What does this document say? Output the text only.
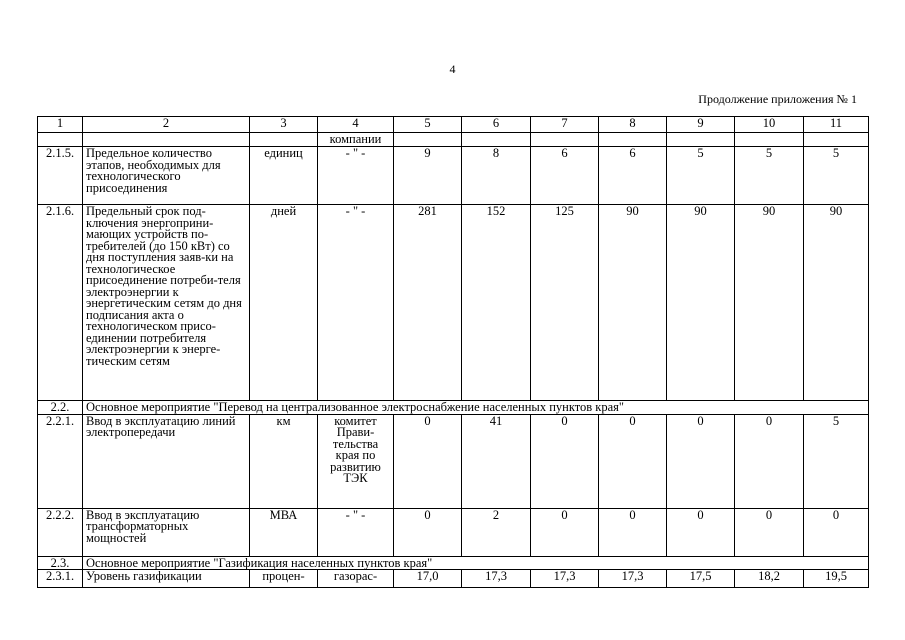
4
Продолжение приложения № 1
1	2	3	4	5	6	7	8	9	10	11
			компании							
2.1.5.	Предельное количество этапов, необходимых для технологического присоединения	единиц	- " -	9	8	6	6	5	5	5
2.1.6.	Предельный срок под-ключения энергоприни-мающих устройств по-требителей (до 150 кВт) со дня поступления заяв-ки на технологическое присоединение потреби-теля электроэнергии к энергетическим сетям до дня подписания акта о технологическом присо-единении потребителя электроэнергии к энерге-тическим сетям	дней	- " -	281	152	125	90	90	90	90
2.2.	Основное мероприятие "Перевод на централизованное электроснабжение населенных пунктов края"									
2.2.1.	Ввод в эксплуатацию линий электропередачи	км	комитет Прави-тельства края по развитию ТЭК	0	41	0	0	0	0	5
2.2.2.	Ввод в эксплуатацию трансформаторных мощностей	МВА	- " -	0	2	0	0	0	0	0
2.3.	Основное мероприятие "Газификация населенных пунктов края"									
2.3.1.	Уровень газификации	процен-	газорас-	17,0	17,3	17,3	17,3	17,5	18,2	19,5
